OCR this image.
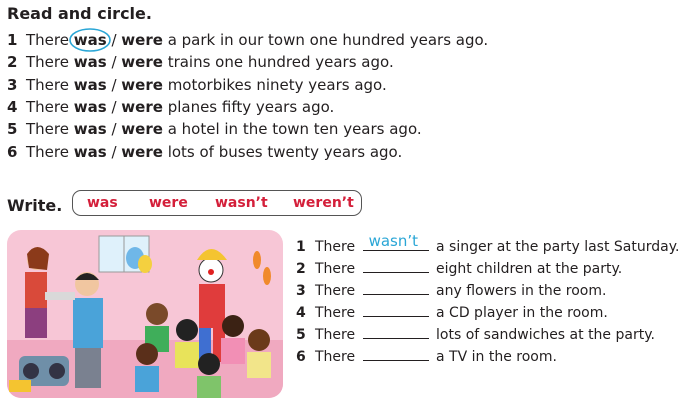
Read and circle.
1 There was / were a park in our town one hundred years ago.
2 There was / were trains one hundred years ago.
3 There was / were motorbikes ninety years ago.
4 There was / were planes fifty years ago.
5 There was / were a hotel in the town ten years ago.
6 There was / were lots of buses twenty years ago.
Write. was were wasn’t weren’t
1 There wasn’t a singer at the party last Saturday.
2 There	eight children at the party.
3 There	any flowers in the room.
4 There	a CD player in the room.
5 There	lots of sandwiches at the party.
6 There	a TV in the room.
